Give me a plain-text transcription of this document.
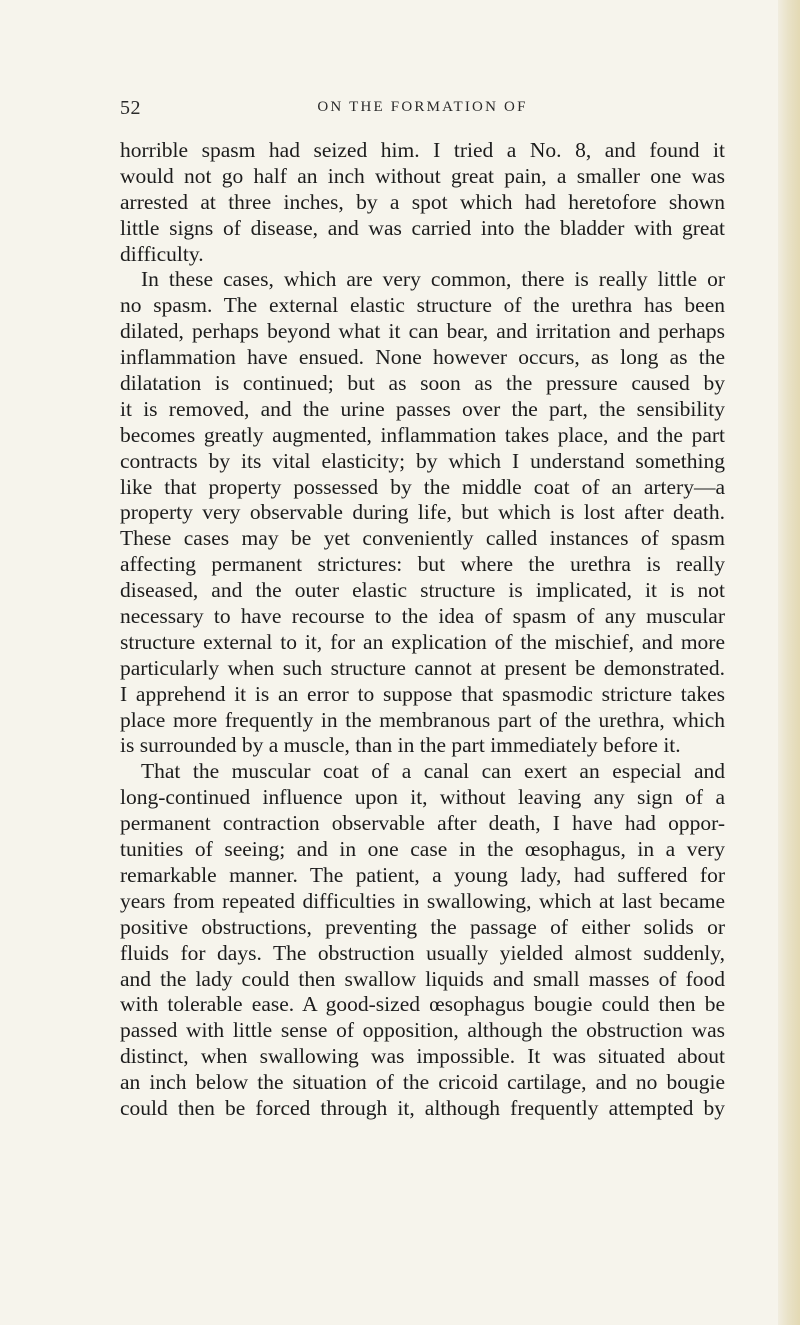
52	ON THE FORMATION OF
horrible spasm had seized him. I tried a No. 8, and found it
would not go half an inch without great pain, a smaller one was
arrested at three inches, by a spot which had heretofore shown
little signs of disease, and was carried into the bladder with great
difficulty.
In these cases, which are very common, there is really little or
no spasm. The external elastic structure of the urethra has been
dilated, perhaps beyond what it can bear, and irritation and perhaps
inflammation have ensued. None however occurs, as long as the
dilatation is continued; but as soon as the pressure caused by
it is removed, and the urine passes over the part, the sensibility
becomes greatly augmented, inflammation takes place, and the part
contracts by its vital elasticity; by which I understand something
like that property possessed by the middle coat of an artery—a
property very observable during life, but which is lost after death.
These cases may be yet conveniently called instances of spasm
affecting permanent strictures: but where the urethra is really
diseased, and the outer elastic structure is implicated, it is not
necessary to have recourse to the idea of spasm of any muscular
structure external to it, for an explication of the mischief, and more
particularly when such structure cannot at present be demonstrated.
I apprehend it is an error to suppose that spasmodic stricture takes
place more frequently in the membranous part of the urethra, which
is surrounded by a muscle, than in the part immediately before it.
That the muscular coat of a canal can exert an especial and
long-continued influence upon it, without leaving any sign of a
permanent contraction observable after death, I have had oppor-
tunities of seeing; and in one case in the œsophagus, in a very
remarkable manner. The patient, a young lady, had suffered for
years from repeated difficulties in swallowing, which at last became
positive obstructions, preventing the passage of either solids or
fluids for days. The obstruction usually yielded almost suddenly,
and the lady could then swallow liquids and small masses of food
with tolerable ease. A good-sized œsophagus bougie could then be
passed with little sense of opposition, although the obstruction was
distinct, when swallowing was impossible. It was situated about
an inch below the situation of the cricoid cartilage, and no bougie
could then be forced through it, although frequently attempted by
